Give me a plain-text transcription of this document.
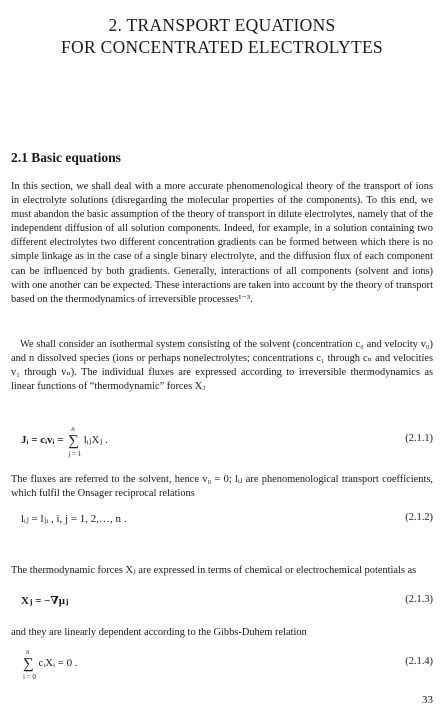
2. TRANSPORT EQUATIONS
FOR CONCENTRATED ELECTROLYTES
2.1 Basic equations

In this section, we shall deal with a more accurate phenomenological theory of the transport of ions in electrolyte solutions (disregarding the molecular properties of the components). To this end, we must abandon the basic assumption of the theory of transport in dilute electrolytes, namely that of the independent diffusion of all solution components. Indeed, for example, in a solution containing two different electrolytes two different concentration gradients can be formed between which there is no simple linkage as in the case of a single binary electrolyte, and the diffusion flux of each component can be influenced by both gradients. Generally, interactions of all components (solvent and ions) with one another can be expected. These interactions are taken into account by the theory of transport based on the thermodynamics of irreversible processes¹⁻³.

We shall consider an isothermal system consisting of the solvent (concentration c₀ and velocity v₀) and n dissolved species (ions or perhaps nonelectrolytes; concentrations c₁ through cₙ and velocities v₁ through vₙ). The individual fluxes are expressed according to irreversible thermodynamics as linear functions of “thermodynamic” forces Xⱼ

Jᵢ = cᵢvᵢ = ∑
n
j = 1
lᵢⱼXⱼ .	(2.1.1)

The fluxes are referred to the solvent, hence v₀ = 0; lᵢⱼ are phenomenological transport coefficients, which fulfil the Onsager reciprocal relations

lᵢⱼ = lⱼᵢ , i, j = 1, 2,…, n .	(2.1.2)

The thermodynamic forces Xⱼ are expressed in terms of chemical or electrochemical potentials as

Xⱼ = −∇μⱼ	(2.1.3)

and they are linearly dependent according to the Gibbs-Duhem relation

∑
n
i = 0
cᵢXᵢ = 0 .	(2.1.4)
33
